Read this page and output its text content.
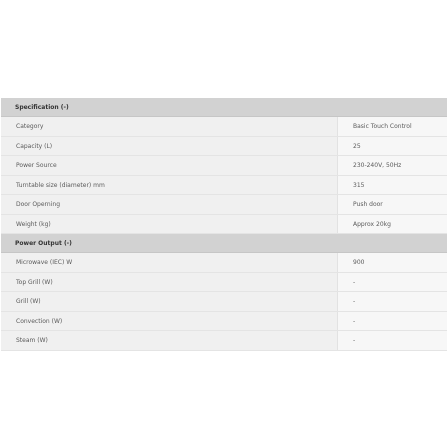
Specification (-)
Category	Basic Touch Control
Capacity (L)	25
Power Source	230-240V, 50Hz
Turntable size (diameter) mm	315
Door Operning	Push door
Weight (kg)	Approx 20kg
Power Output (-)
Microwave (IEC) W	900
Top Grill (W)	-
Grill (W)	-
Convection (W)	-
Steam (W)	-
